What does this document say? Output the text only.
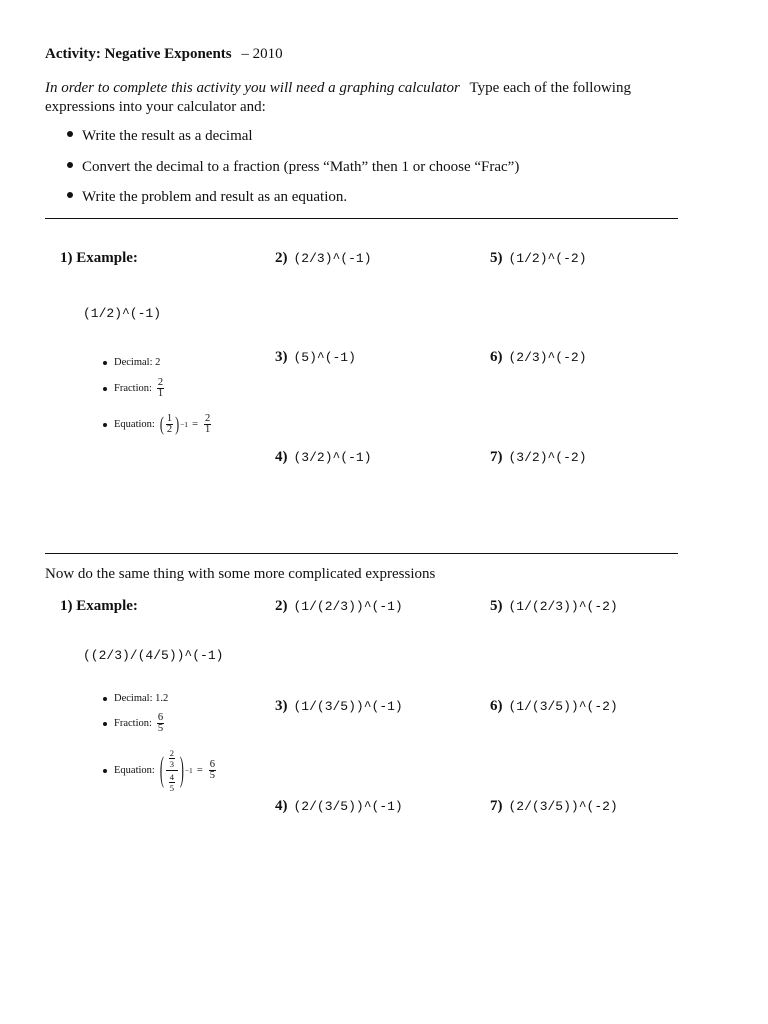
Activity: Negative Exponents – 2010
In order to complete this activity you will need a graphing calculator Type each of the following expressions into your calculator and:
Write the result as a decimal
Convert the decimal to a fraction (press “Math” then 1 or choose “Frac”)
Write the problem and result as an equation.
1) Example:	2) (2/3)^(-1)	5) (1/2)^(-2)
3) (5)^(-1)	6) (2/3)^(-2)
4) (3/2)^(-1)	7) (3/2)^(-2)
(1/2)^(-1)
Decimal: 2
Fraction: $\frac{2}{1}$
Equation: ( $\frac{1}{2}$ ) $-1 = \frac{2}{1}$
Now do the same thing with some more complicated expressions
1) Example:	2) (1/(2/3))^(-1)	5) (1/(2/3))^(-2)
3) (1/(3/5))^(-1)	6) (1/(3/5))^(-2)
4) (2/(3/5))^(-1)	7) (2/(3/5))^(-2)
((2/3)/(4/5))^(-1)
Decimal: 1.2
Fraction: $\frac{6}{5}$
Equation: ( $\frac{2}{3}$
$\frac{4}{5}$ ) $-1 = \frac{6}{5}$
